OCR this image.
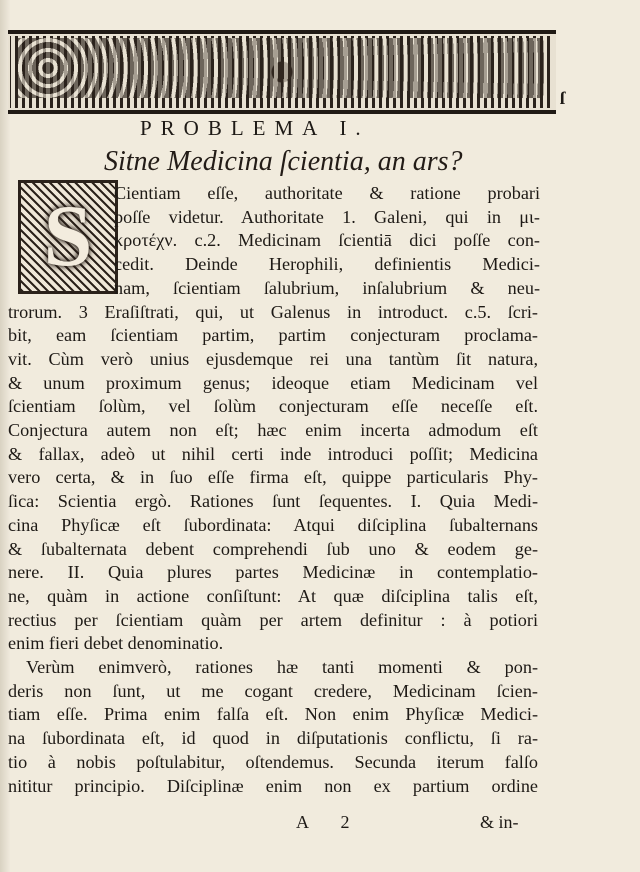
ſ
PROBLEMA I.
Sitne Medicina ſcientia, an ars?
S Cientiam eſſe, authoritate & ratione probari
poſſe videtur. Authoritate 1. Galeni, qui in μι-
κροτέχν. c.2. Medicinam ſcientiā dici poſſe con-
cedit. Deinde Herophili, definientis Medici-
nam, ſcientiam ſalubrium, inſalubrium & neu-
trorum. 3 Eraſiſtrati, qui, ut Galenus in introduct. c.5. ſcri-
bit, eam ſcientiam partim, partim conjecturam proclama-
vit. Cùm verò unius ejusdemque rei una tantùm ſit natura,
& unum proximum genus; ideoque etiam Medicinam vel
ſcientiam ſolùm, vel ſolùm conjecturam eſſe neceſſe eſt.
Conjectura autem non eſt; hæc enim incerta admodum eſt
& fallax, adeò ut nihil certi inde introduci poſſit; Medicina
vero certa, & in ſuo eſſe firma eſt, quippe particularis Phy-
ſica: Scientia ergò. Rationes ſunt ſequentes. I. Quia Medi-
cina Phyſicæ eſt ſubordinata: Atqui diſciplina ſubalternans
& ſubalternata debent comprehendi ſub uno & eodem ge-
nere. II. Quia plures partes Medicinæ in contemplatio-
ne, quàm in actione conſiſtunt: At quæ diſciplina talis eſt,
rectius per ſcientiam quàm per artem definitur : à potiori
enim fieri debet denominatio.
Verùm enimverò, rationes hæ tanti momenti & pon-
deris non ſunt, ut me cogant credere, Medicinam ſcien-
tiam eſſe. Prima enim falſa eſt. Non enim Phyſicæ Medici-
na ſubordinata eſt, id quod in diſputationis conflictu, ſi ra-
tio à nobis poſtulabitur, oſtendemus. Secunda iterum falſo
nititur principio. Diſciplinæ enim non ex partium ordine
A 2	& in-
